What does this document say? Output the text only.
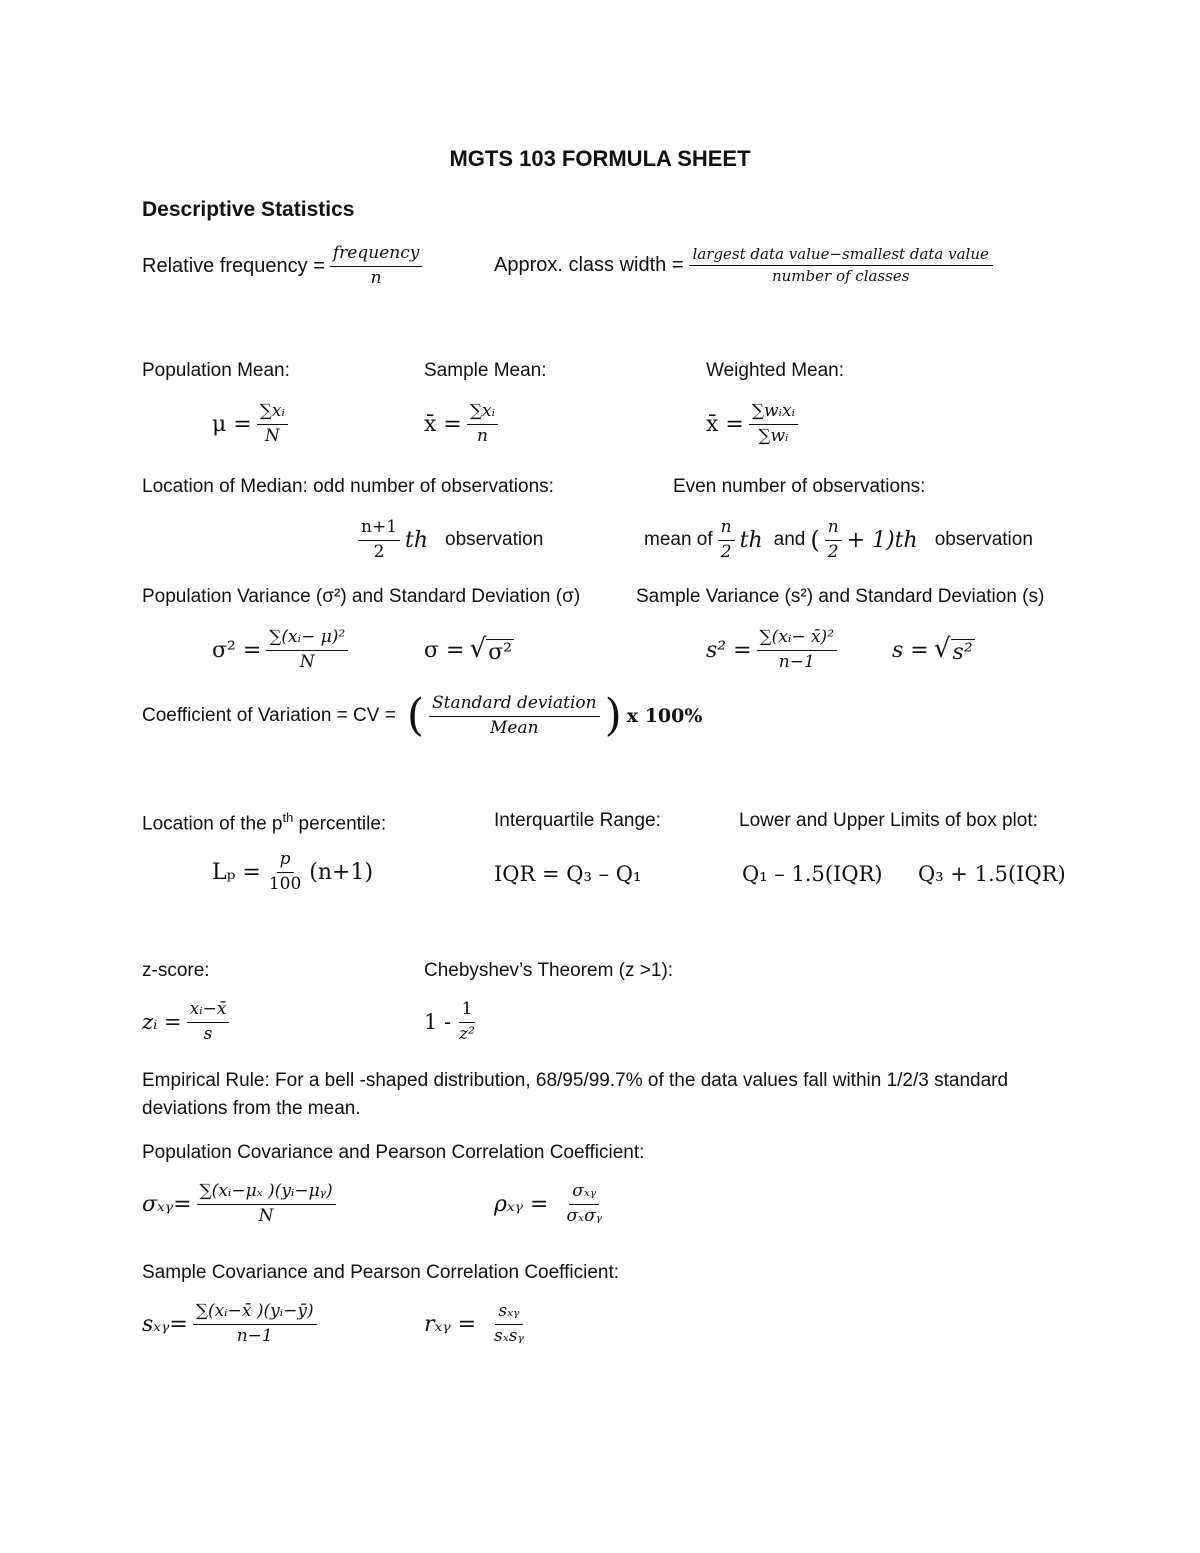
MGTS 103 FORMULA SHEET
Descriptive Statistics
Relative frequency = $\frac{\text{frequency}}{n}$	Approx. class width = $\frac{\text{largest data value−smallest data value}}{\text{number of classes}}$
Population Mean:	Sample Mean:	Weighted Mean:
$\mu = \frac{\text{∑xᵢ}}{N}$	x̄ = $\frac{\text{∑xᵢ}}{n}$	x̄ = $\frac{\text{∑wᵢxᵢ}}{\text{∑wᵢ}}$
Location of Median: odd number of observations:	Even number of observations:
$\frac{n+1}{2}$ th observation	mean of $\frac{n}{2}$ th and ( $\frac{n}{2} + 1)th$ observation
Population Variance (σ²) and Standard Deviation (σ)	Sample Variance (s²) and Standard Deviation (s)
$\sigma^2 = \frac{\text{∑(xᵢ− μ)²}}{N}$	σ = √ σ²	$s^2 = \frac{\text{∑(xᵢ− x̄)²}}{n-1}$ s = √ s²
Coefficient of Variation = CV = ( $\frac{\text{Standard deviation}}{\text{Mean}}$ ) x 100%
Location of the $p^{th}$ percentile:	Interquartile Range:	Lower and Upper Limits of box plot:
$L_p = \frac{p}{100} (n+1)$	IQR = Q₃ – Q₁	Q₁ – 1.5(IQR) Q₃ + 1.5(IQR)
z-score:	Chebyshev’s Theorem (z >1):
zᵢ = $\frac{\text{xᵢ−x̄}}{s}$	$1 - \frac{1}{\text{z²}}$
Empirical Rule: For a bell -shaped distribution, 68/95/99.7% of the data values fall within 1/2/3 standard
deviations from the mean.
Population Covariance and Pearson Correlation Coefficient:
σₓᵧ= $\frac{\text{∑(xᵢ−μₓ )(yᵢ−μᵧ)}}{N}$	ρₓᵧ = $\frac{\text{σₓᵧ}}{\text{σₓσᵧ}}$
Sample Covariance and Pearson Correlation Coefficient:
sₓᵧ= $\frac{\text{∑(xᵢ−x̄ )(yᵢ−ȳ)}}{n-1}$	rₓᵧ = $\frac{\text{sₓᵧ}}{\text{sₓsᵧ}}$
